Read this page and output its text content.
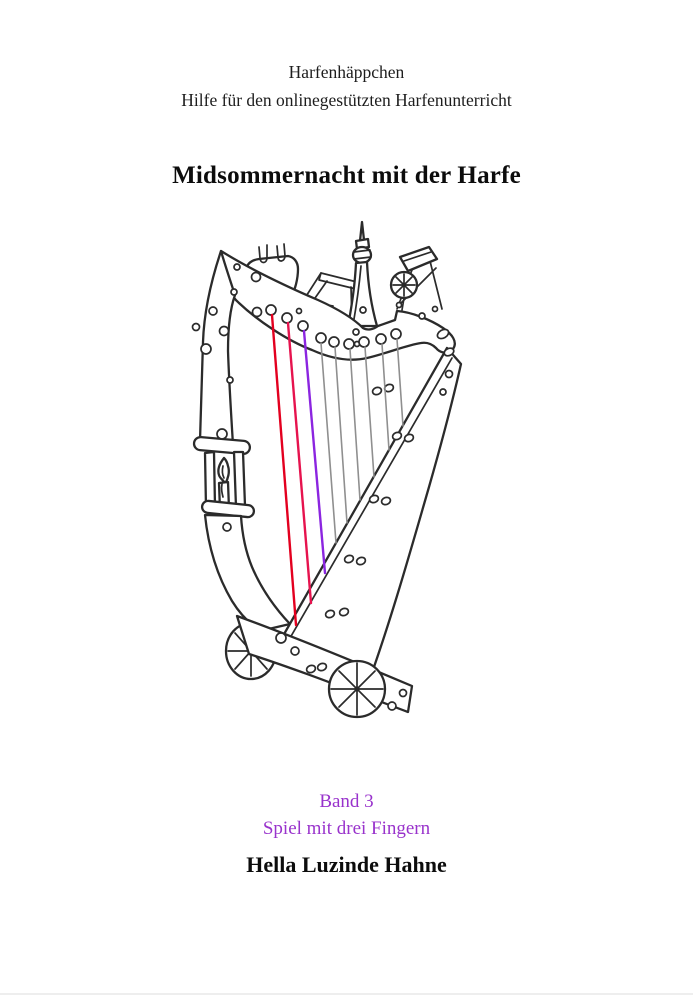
Harfenhäppchen
Hilfe für den onlinegestützten Harfenunterricht
Midsommernacht mit der Harfe
Band 3
Spiel mit drei Fingern
Hella Luzinde Hahne
